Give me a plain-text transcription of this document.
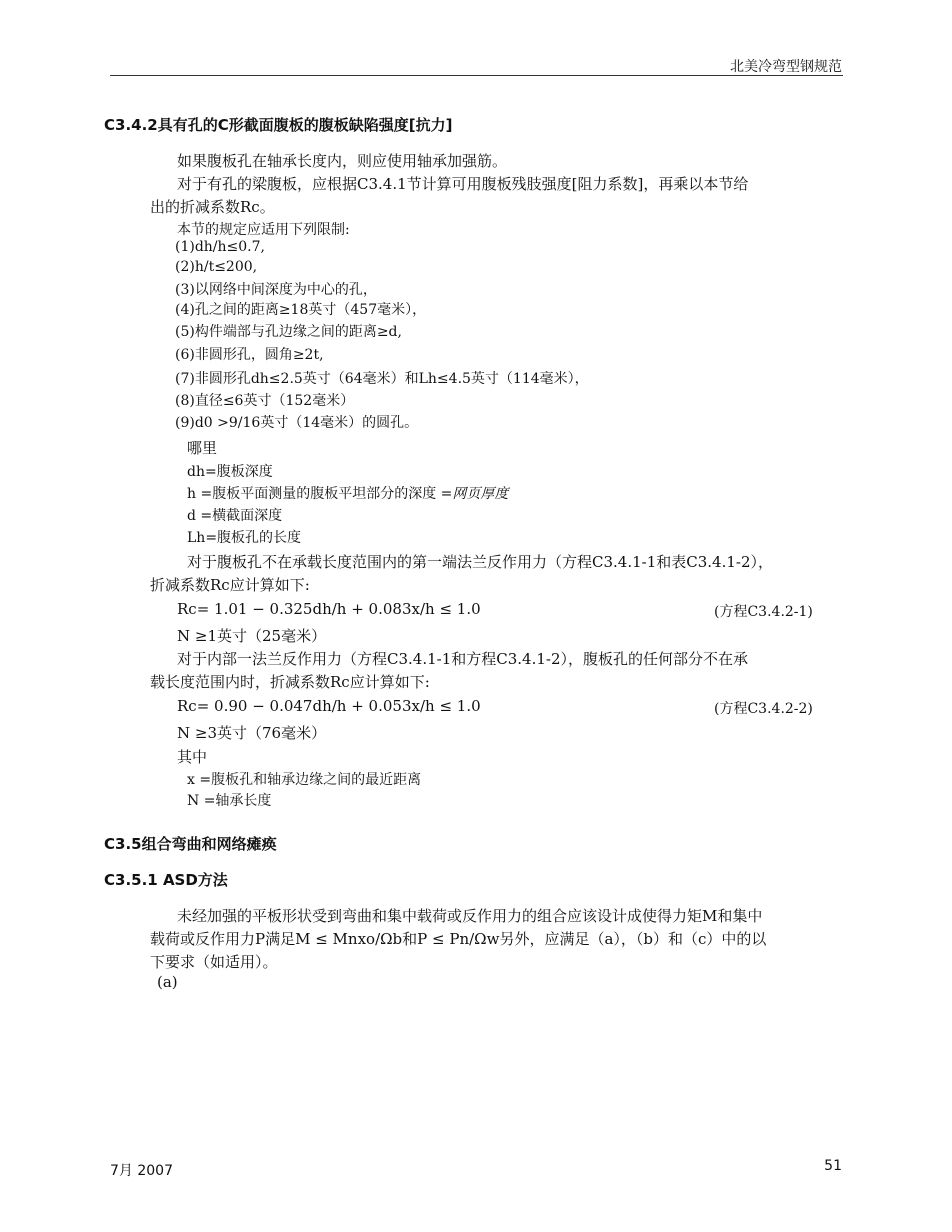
北美冷弯型钢规范
C3.4.2具有孔的C形截面腹板的腹板缺陷强度[抗力]
如果腹板孔在轴承长度内，则应使用轴承加强筋。
对于有孔的梁腹板，应根据C3.4.1节计算可用腹板残肢强度[阻力系数]，再乘以本节给
出的折减系数Rc。
本节的规定应适用下列限制:
(1)dh/h≤0.7,
(2)h/t≤200,
(3)以网络中间深度为中心的孔，
(4)孔之间的距离≥18英寸（457毫米），
(5)构件端部与孔边缘之间的距离≥d,
(6)非圆形孔，圆角≥2t,
(7)非圆形孔dh≤2.5英寸（64毫米）和Lh≤4.5英寸（114毫米），
(8)直径≤6英寸（152毫米）
(9)d0 >9/16英寸（14毫米）的圆孔。
哪里
dh=腹板深度
h =腹板平面测量的腹板平坦部分的深度 =网页厚度
d =横截面深度
Lh=腹板孔的长度
对于腹板孔不在承载长度范围内的第一端法兰反作用力（方程C3.4.1-1和表C3.4.1-2），
折减系数Rc应计算如下:
Rc= 1.01 − 0.325dh/h + 0.083x/h ≤ 1.0	(方程C3.4.2-1)
N ≥1英寸（25毫米）
对于内部一法兰反作用力（方程C3.4.1-1和方程C3.4.1-2），腹板孔的任何部分不在承
载长度范围内时，折减系数Rc应计算如下:
Rc= 0.90 − 0.047dh/h + 0.053x/h ≤ 1.0	(方程C3.4.2-2)
N ≥3英寸（76毫米）
其中
x =腹板孔和轴承边缘之间的最近距离
N =轴承长度
C3.5组合弯曲和网络瘫痪
C3.5.1 ASD方法
未经加强的平板形状受到弯曲和集中载荷或反作用力的组合应该设计成使得力矩M和集中
载荷或反作用力P满足M ≤ Mnxo/Ωb和P ≤ Pn/Ωw另外，应满足（a），（b）和（c）中的以
下要求（如适用）。
(a)
7月 2007	51
